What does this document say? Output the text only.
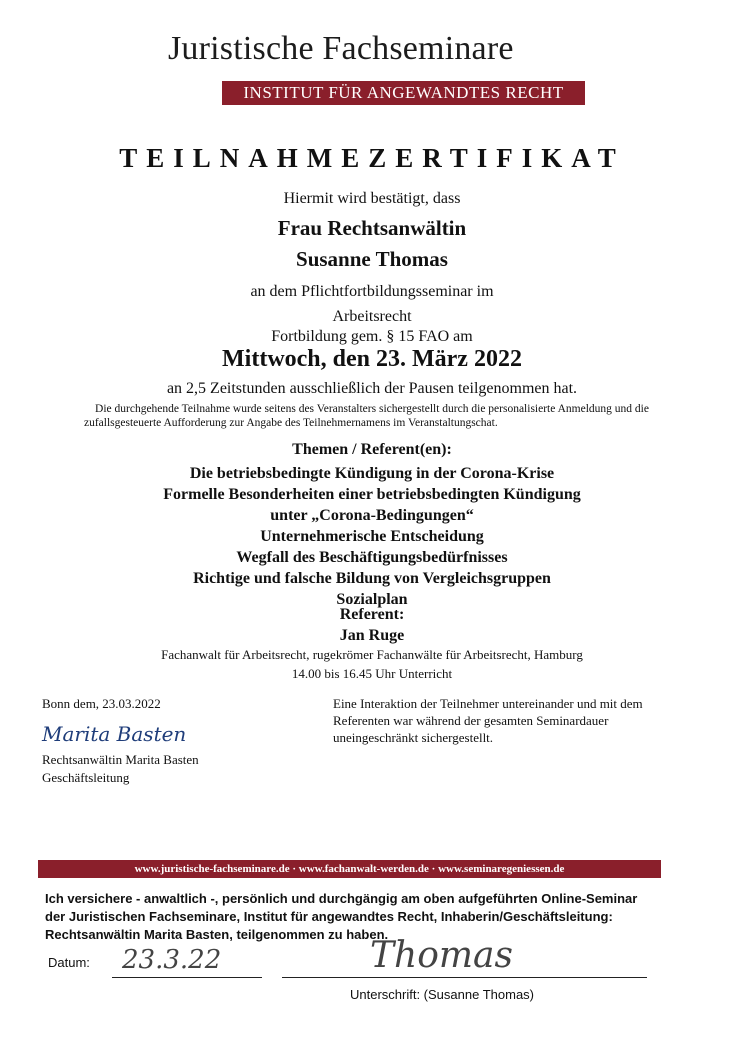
Juristische Fachseminare
INSTITUT FÜR ANGEWANDTES RECHT
TEILNAHMEZERTIFIKAT
Hiermit wird bestätigt, dass
Frau Rechtsanwältin
Susanne Thomas
an dem Pflichtfortbildungsseminar im
Arbeitsrecht
Fortbildung gem. § 15 FAO am
Mittwoch, den 23. März 2022
an 2,5 Zeitstunden ausschließlich der Pausen teilgenommen hat.
Die durchgehende Teilnahme wurde seitens des Veranstalters sichergestellt durch die personalisierte Anmeldung und die
zufallsgesteuerte Aufforderung zur Angabe des Teilnehmernamens im Veranstaltungschat.
Themen / Referent(en):
Die betriebsbedingte Kündigung in der Corona-Krise
Formelle Besonderheiten einer betriebsbedingten Kündigung
unter „Corona-Bedingungen“
Unternehmerische Entscheidung
Wegfall des Beschäftigungsbedürfnisses
Richtige und falsche Bildung von Vergleichsgruppen
Sozialplan
Referent:
Jan Ruge
Fachanwalt für Arbeitsrecht, rugekrömer Fachanwälte für Arbeitsrecht, Hamburg
14.00 bis 16.45 Uhr Unterricht
Bonn dem, 23.03.2022
Marita Basten
Rechtsanwältin Marita Basten
Geschäftsleitung
Eine Interaktion der Teilnehmer untereinander und mit dem Referenten war während der gesamten Seminardauer uneingeschränkt sichergestellt.
www.juristische-fachseminare.de · www.fachanwalt-werden.de · www.seminaregeniessen.de
Ich versichere - anwaltlich -, persönlich und durchgängig am oben aufgeführten Online-Seminar der Juristischen Fachseminare, Institut für angewandtes Recht, Inhaberin/Geschäftsleitung: Rechtsanwältin Marita Basten, teilgenommen zu haben.
Datum: 23.3.22	Thomas
Unterschrift: (Susanne Thomas)
